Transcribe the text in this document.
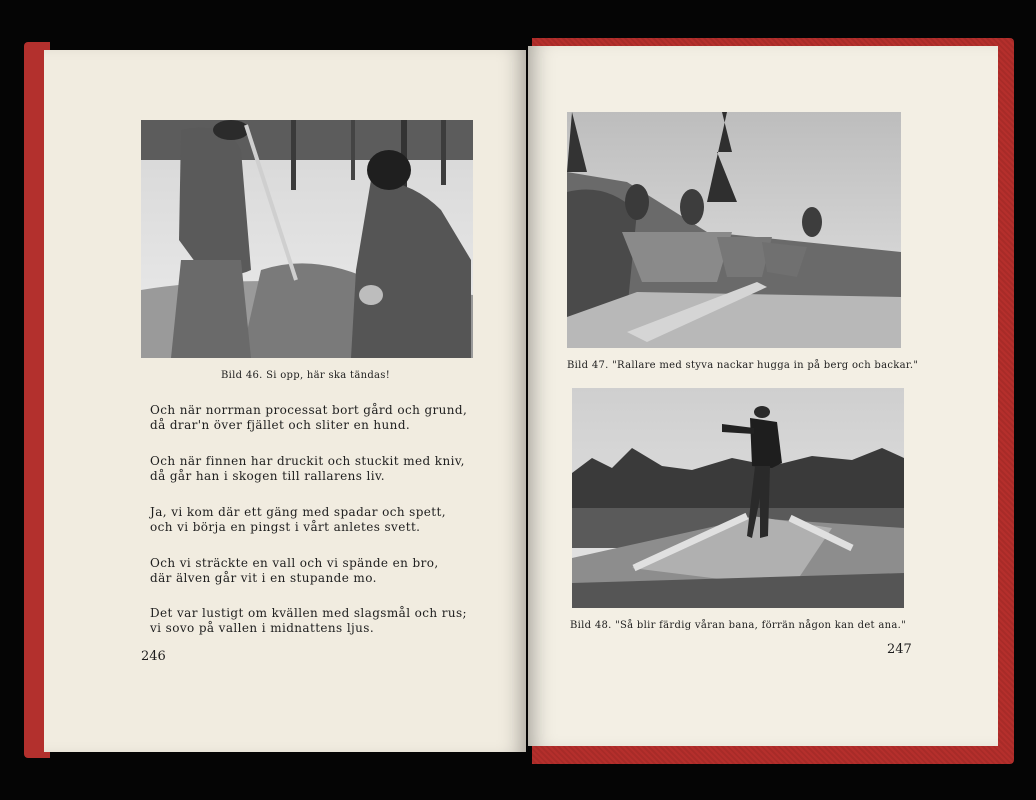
Bild 46. Si opp, här ska tändas!
Och när norrman processat bort gård och grund,
då drar'n över fjället och sliter en hund.
Och när finnen har druckit och stuckit med kniv,
då går han i skogen till rallarens liv.
Ja, vi kom där ett gäng med spadar och spett,
och vi börja en pingst i vårt anletes svett.
Och vi sträckte en vall och vi spände en bro,
där älven går vit i en stupande mo.
Det var lustigt om kvällen med slagsmål och rus;
vi sovo på vallen i midnattens ljus.
246
Bild 47. "Rallare med styva nackar hugga in på berg och backar."
Bild 48. "Så blir färdig våran bana, förrän någon kan det ana."
247
